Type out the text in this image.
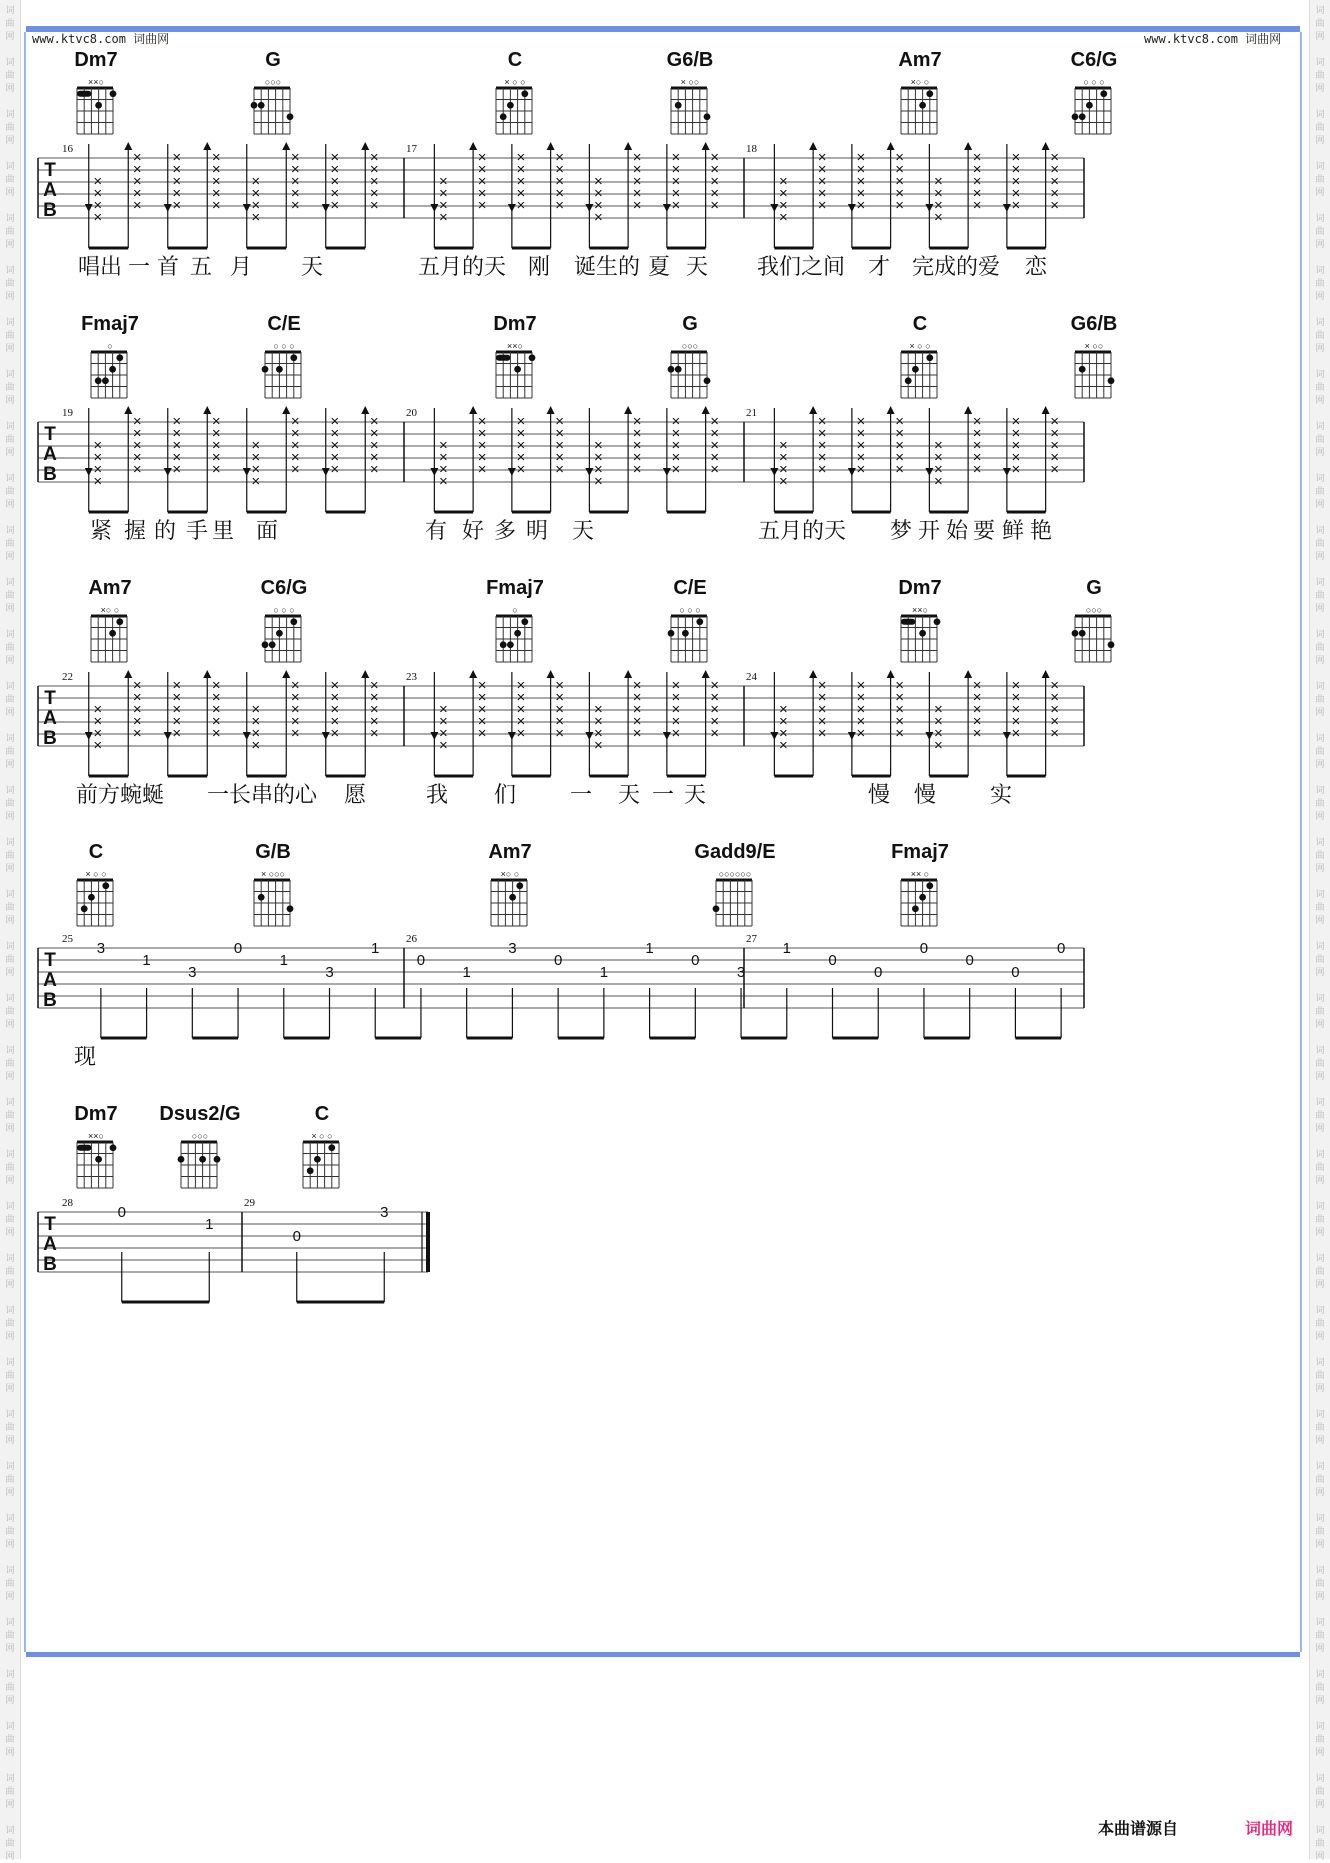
词
曲
网
词
曲
网
词
曲
网
词
曲
网
词
曲
网
词
曲
网
词
曲
网
词
曲
网
词
曲
网
词
曲
网
词
曲
网
词
曲
网
词
曲
网
词
曲
网
词
曲
网
词
曲
网
词
曲
网
词
曲
网
词
曲
网
词
曲
网
词
曲
网
词
曲
网
词
曲
网
词
曲
网
词
曲
网
词
曲
网
词
曲
网
词
曲
网
词
曲
网
词
曲
网
词
曲
网
词
曲
网
词
曲
网
词
曲
网
词
曲
网
词
曲
网
词
曲
网
词
曲
网
词
曲
网
词
曲
网
词
曲
网
词
曲
网
词
曲
网
词
曲
网
词
曲
网
词
曲
网
词
曲
网
词
曲
网
词
曲
网
词
曲
网
词
曲
网
词
曲
网
词
曲
网
词
曲
网
词
曲
网
词
曲
网
词
曲
网
词
曲
网
词
曲
网
词
曲
网
词
曲
网
词
曲
网
词
曲
网
词
曲
网
词
曲
网
词
曲
网
词
曲
网
词
曲
网
词
曲
网
词
曲
网
词
曲
网
词
曲
网
www.ktvc8.com 词曲网	www.ktvc8.com 词曲网
Dm7
××○
G
○○○
C
× ○ ○
G6/B
× ○○
Am7
×○ ○
C6/G
○ ○ ○
T
A
B
16	17	18
×
×
×
×
×
×
×
×
×
×
×
×
×
×
×
×
×
×
×
×
×
×
×
×
×
×
×
×
×
×
×
×
×
×
×
×
×
×
×
×
×
×
×
×
×
×
×
×
×
×
×
×
×
×
×
×
×
×
×
×
×
×
×
×
×
×
×
×
×
×
×
×
×
×
×
×
×
×
×
×
×
×
×
×
×
×
×
×
×
×
×
×
×
×
×
×
×
×
×
×
×
×
×
×
×
×
×
×
×
×
×
×
×
×
唱出 一 首 五 月 天	五月的天 刚 诞生的 夏 天 我们之间 才 完成的爱 恋
Fmaj7
○
C/E
○ ○ ○
Dm7
××○
G
○○○
C
× ○ ○
G6/B
× ○○
T
A
B
19	20	21
×
×
×
×
×
×
×
×
×
×
×
×
×
×
×
×
×
×
×
×
×
×
×
×
×
×
×
×
×
×
×
×
×
×
×
×
×
×
×
×
×
×
×
×
×
×
×
×
×
×
×
×
×
×
×
×
×
×
×
×
×
×
×
×
×
×
×
×
×
×
×
×
×
×
×
×
×
×
×
×
×
×
×
×
×
×
×
×
×
×
×
×
×
×
×
×
×
×
×
×
×
×
×
×
×
×
×
×
×
×
×
×
×
×
紧 握 的 手 里 面	有 好 多 明 天	五月的天 梦 开 始 要 鲜 艳
Am7
×○ ○
C6/G
○ ○ ○
Fmaj7
○
C/E
○ ○ ○
Dm7
××○
G
○○○
T
A
B
22	23	24
×
×
×
×
×
×
×
×
×
×
×
×
×
×
×
×
×
×
×
×
×
×
×
×
×
×
×
×
×
×
×
×
×
×
×
×
×
×
×
×
×
×
×
×
×
×
×
×
×
×
×
×
×
×
×
×
×
×
×
×
×
×
×
×
×
×
×
×
×
×
×
×
×
×
×
×
×
×
×
×
×
×
×
×
×
×
×
×
×
×
×
×
×
×
×
×
×
×
×
×
×
×
×
×
×
×
×
×
×
×
×
×
×
×
前方蜿蜒 一长串的心 愿	我 们 一 天 一 天	慢 慢 实
C
× ○ ○
G/B
× ○○○
Am7
×○ ○
Gadd9/E
○○○○○○
Fmaj7
×× ○
T
A
B
25	26	27
3
1
3
0
1
3
1
0
1
3
0
1
1
0
3
1
0
0
0
0
0
0
现
Dm7
××○
Dsus2/G
○○○
C
× ○ ○
T
A
B
28	29
0
1
0
3
本曲谱源自	词曲网
